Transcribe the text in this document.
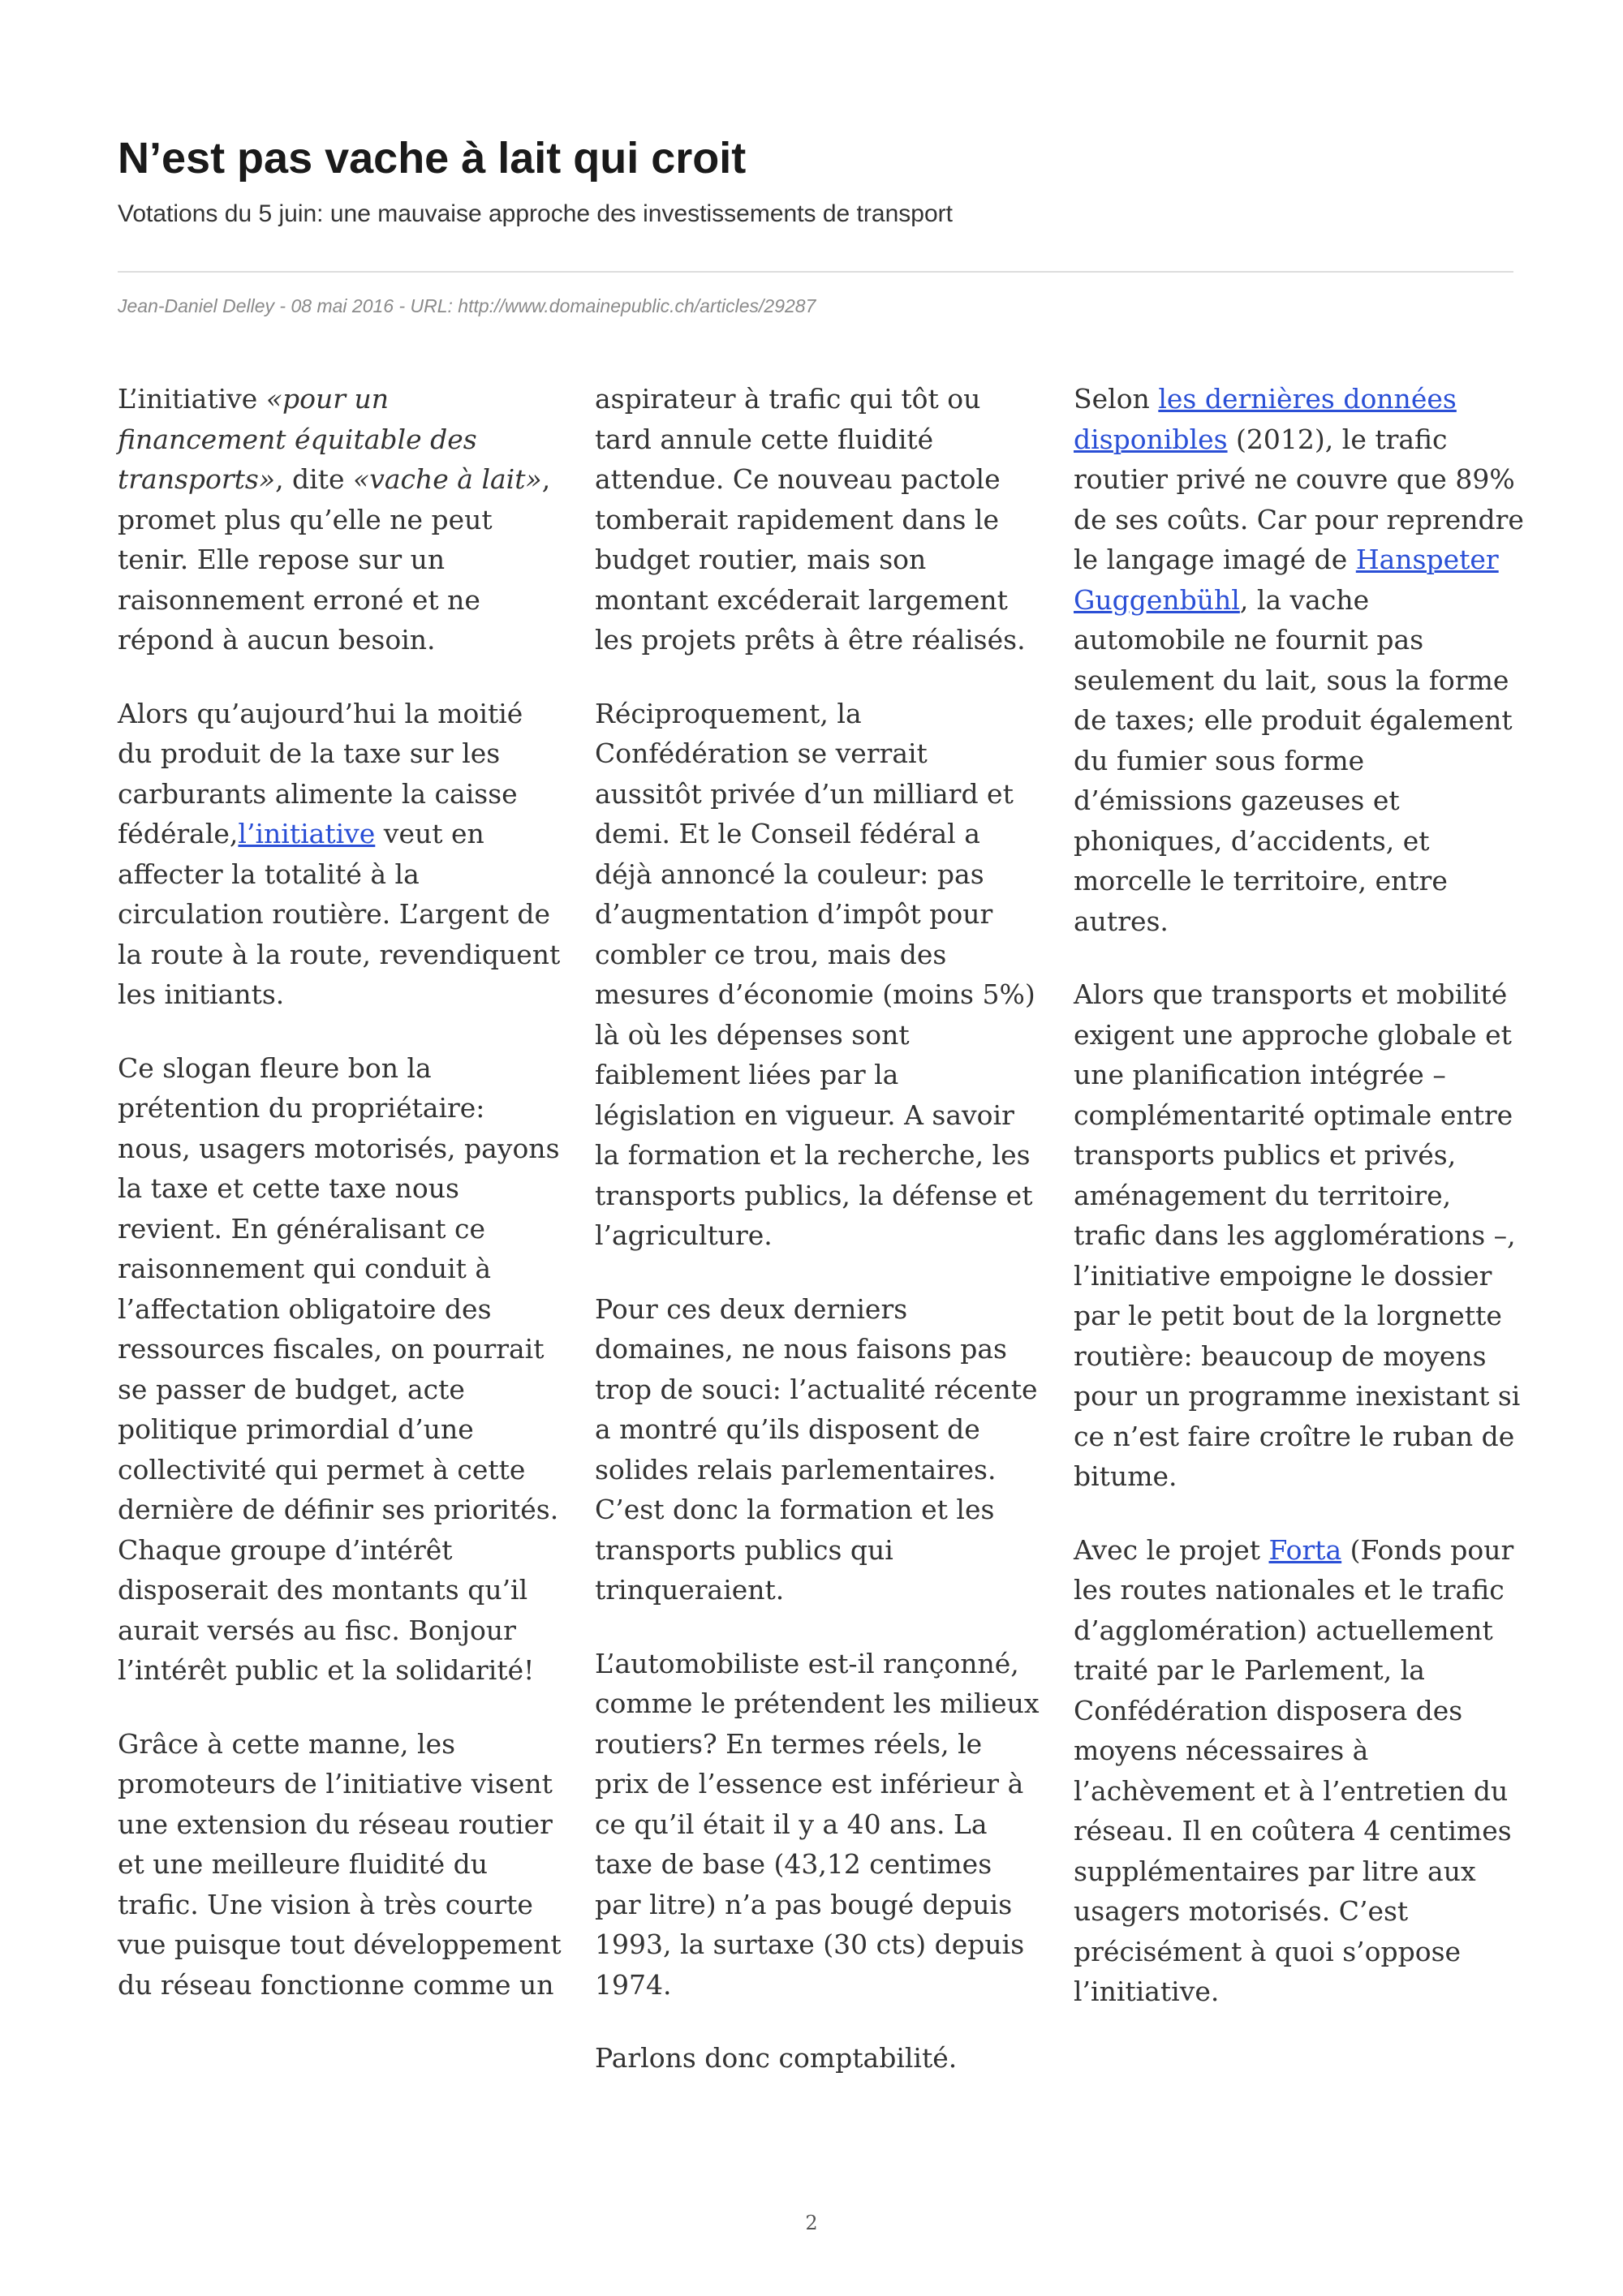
N’est pas vache à lait qui croit
Votations du 5 juin: une mauvaise approche des investissements de transport
Jean-Daniel Delley - 08 mai 2016 - URL: http://www.domainepublic.ch/articles/29287

L’initiative «pour un financement équitable des transports», dite «vache à lait», promet plus qu’elle ne peut tenir. Elle repose sur un raisonnement erroné et ne répond à aucun besoin.

Alors qu’aujourd’hui la moitié du produit de la taxe sur les carburants alimente la caisse fédérale,l’initiative veut en affecter la totalité à la circulation routière. L’argent de la route à la route, revendiquent les initiants.

Ce slogan fleure bon la prétention du propriétaire: nous, usagers motorisés, payons la taxe et cette taxe nous revient. En généralisant ce raisonnement qui conduit à l’affectation obligatoire des ressources fiscales, on pourrait se passer de budget, acte politique primordial d’une collectivité qui permet à cette dernière de définir ses priorités. Chaque groupe d’intérêt disposerait des montants qu’il aurait versés au fisc. Bonjour l’intérêt public et la solidarité!

Grâce à cette manne, les promoteurs de l’initiative visent une extension du réseau routier et une meilleure fluidité du trafic. Une vision à très courte vue puisque tout développement du réseau fonctionne comme un

aspirateur à trafic qui tôt ou tard annule cette fluidité attendue. Ce nouveau pactole tomberait rapidement dans le budget routier, mais son montant excéderait largement les projets prêts à être réalisés.

Réciproquement, la Confédération se verrait aussitôt privée d’un milliard et demi. Et le Conseil fédéral a déjà annoncé la couleur: pas d’augmentation d’impôt pour combler ce trou, mais des mesures d’économie (moins 5%) là où les dépenses sont faiblement liées par la législation en vigueur. A savoir la formation et la recherche, les transports publics, la défense et l’agriculture.

Pour ces deux derniers domaines, ne nous faisons pas trop de souci: l’actualité récente a montré qu’ils disposent de solides relais parlementaires. C’est donc la formation et les transports publics qui trinqueraient.

L’automobiliste est-il rançonné, comme le prétendent les milieux routiers? En termes réels, le prix de l’essence est inférieur à ce qu’il était il y a 40 ans. La taxe de base (43,12 centimes par litre) n’a pas bougé depuis 1993, la surtaxe (30 cts) depuis 1974.

Parlons donc comptabilité.

Selon les dernières données disponibles (2012), le trafic routier privé ne couvre que 89% de ses coûts. Car pour reprendre le langage imagé de Hanspeter Guggenbühl, la vache automobile ne fournit pas seulement du lait, sous la forme de taxes; elle produit également du fumier sous forme d’émissions gazeuses et phoniques, d’accidents, et morcelle le territoire, entre autres.

Alors que transports et mobilité exigent une approche globale et une planification intégrée – complémentarité optimale entre transports publics et privés, aménagement du territoire, trafic dans les agglomérations –, l’initiative empoigne le dossier par le petit bout de la lorgnette routière: beaucoup de moyens pour un programme inexistant si ce n’est faire croître le ruban de bitume.

Avec le projet Forta (Fonds pour les routes nationales et le trafic d’agglomération) actuellement traité par le Parlement, la Confédération disposera des moyens nécessaires à l’achèvement et à l’entretien du réseau. Il en coûtera 4 centimes supplémentaires par litre aux usagers motorisés. C’est précisément à quoi s’oppose l’initiative.

2
